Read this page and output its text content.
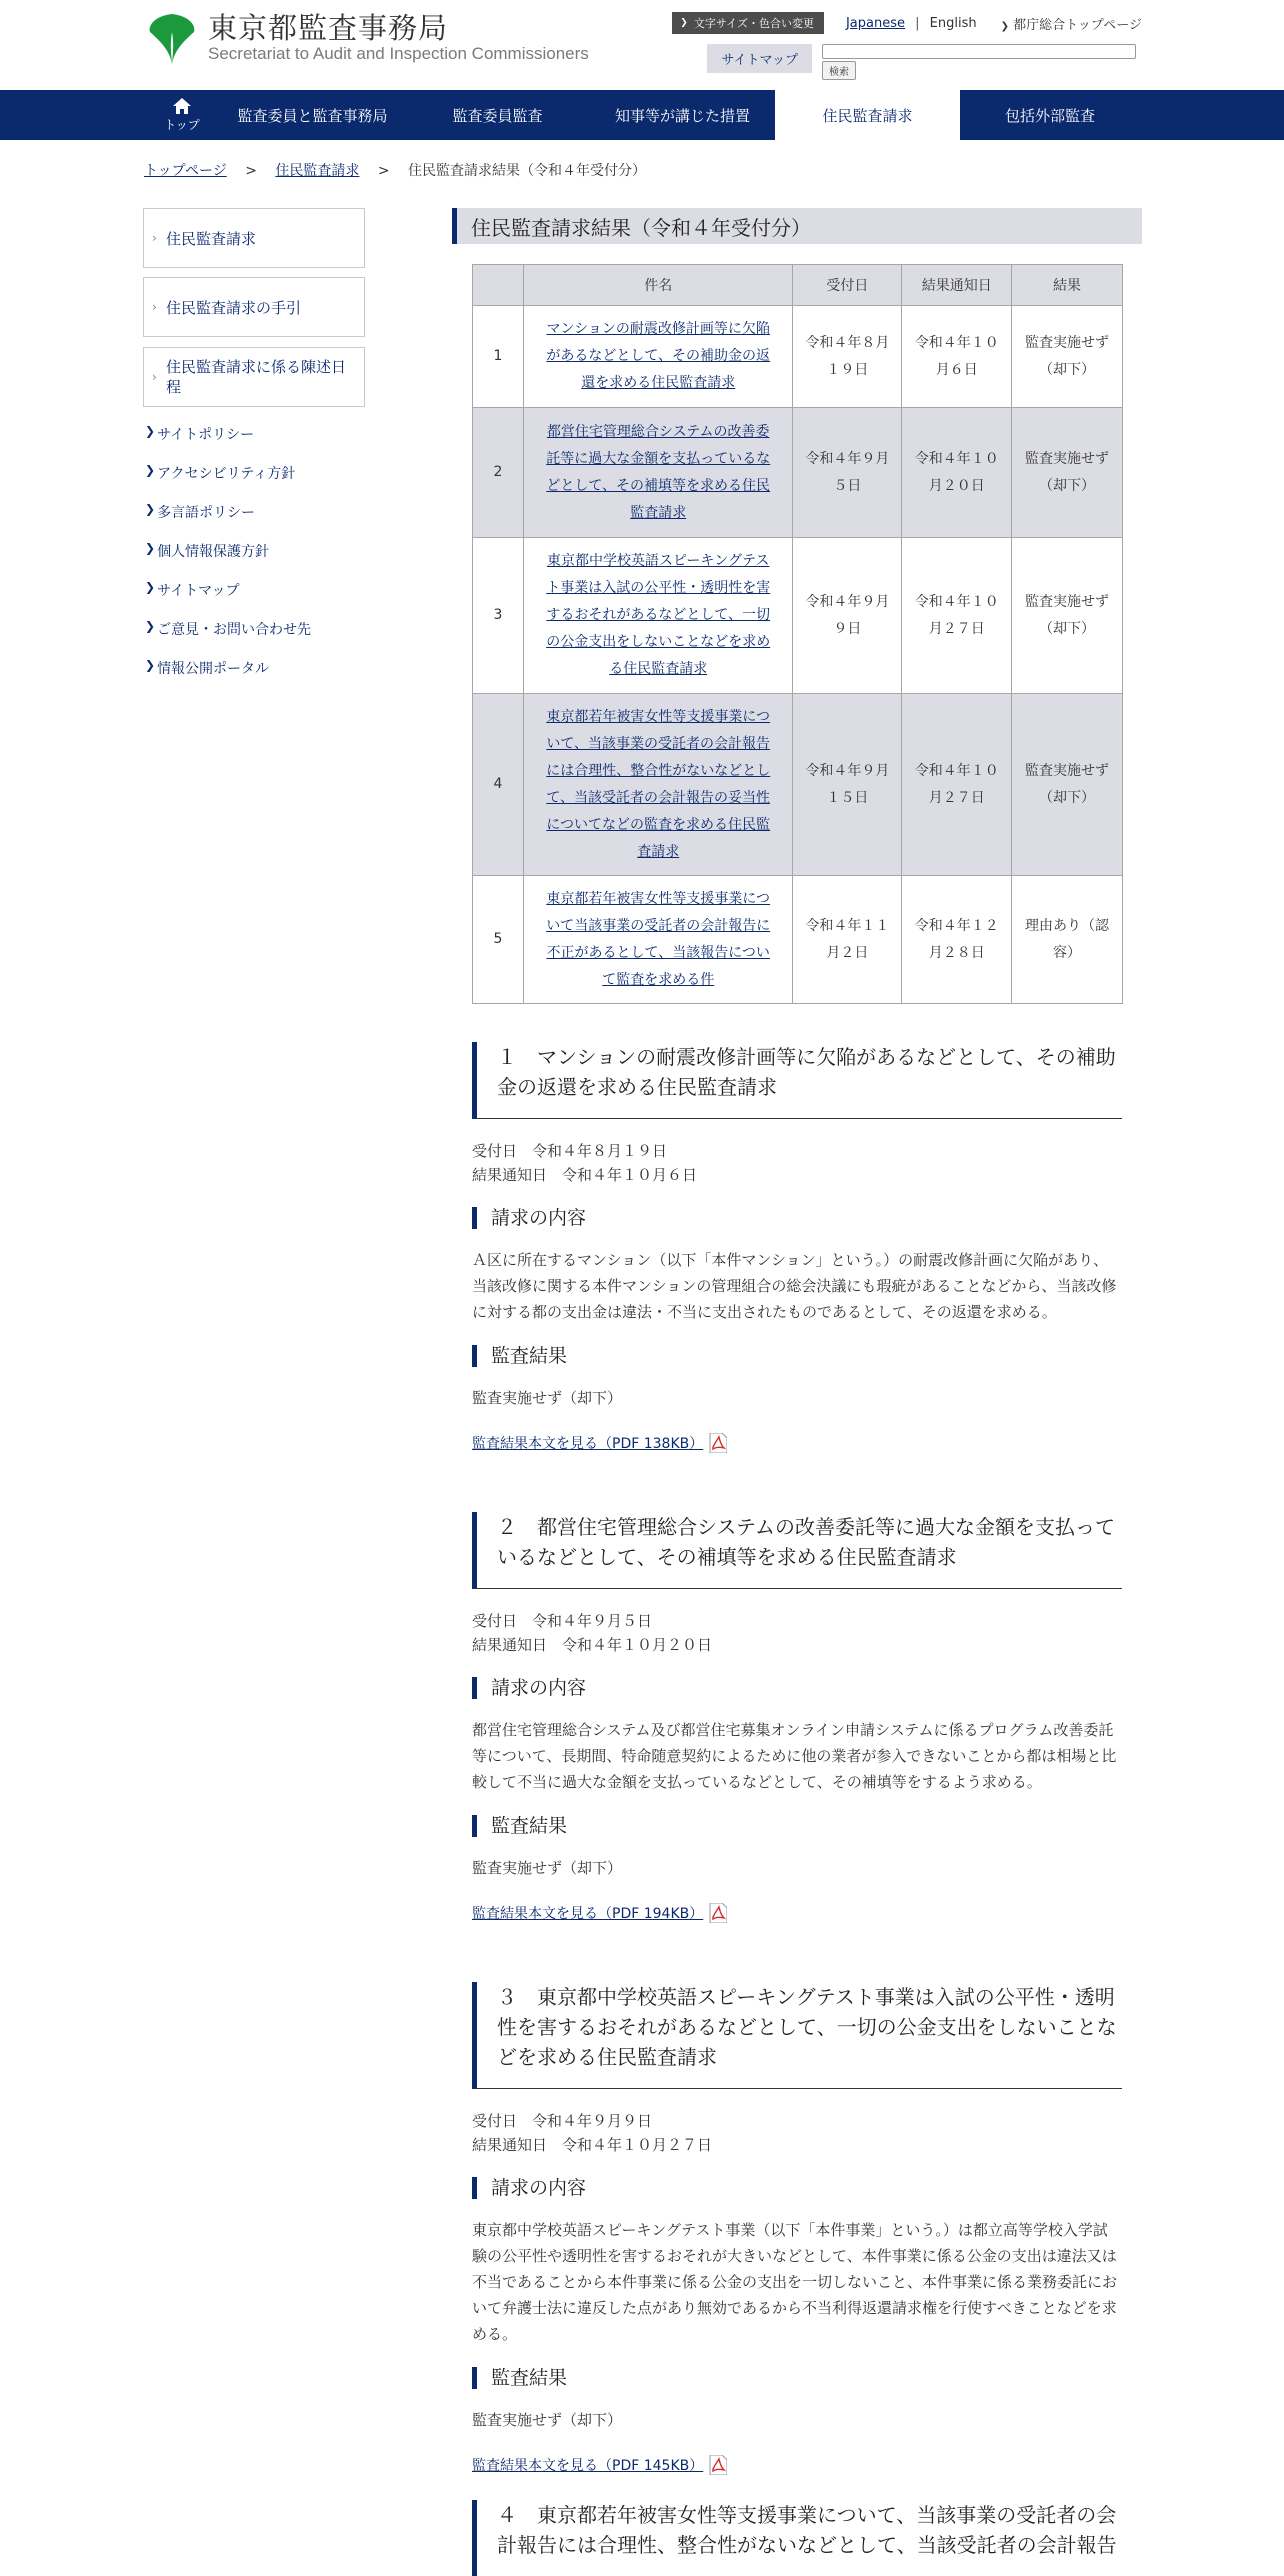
東京都監査事務局
Secretariat to Audit and Inspection Commissioners
❯ 文字サイズ・色合い変更 Japanese | English ❯ 都庁総合トップページ
サイトマップ
検索
トップ	監査委員と監査事務局	監査委員監査	知事等が講じた措置	住民監査請求	包括外部監査
トップページ > 住民監査請求 > 住民監査請求結果（令和４年受付分）
› 住民監査請求
› 住民監査請求の手引
›
住民監査請求に係る陳述日程
❯ サイトポリシー
❯ アクセシビリティ方針
❯ 多言語ポリシー
❯ 個人情報保護方針
❯ サイトマップ
❯ ご意見・お問い合わせ先
❯ 情報公開ポータル
住民監査請求結果（令和４年受付分）
	件名	受付日	結果通知日	結果
1	マンションの耐震改修計画等に欠陥があるなどとして、その補助金の返還を求める住民監査請求	令和４年８月１９日	令和４年１０月６日	監査実施せず（却下）
2	都営住宅管理総合システムの改善委託等に過大な金額を支払っているなどとして、その補填等を求める住民監査請求	令和４年９月５日	令和４年１０月２０日	監査実施せず（却下）
3	東京都中学校英語スピーキングテスト事業は入試の公平性・透明性を害するおそれがあるなどとして、一切の公金支出をしないことなどを求める住民監査請求	令和４年９月９日	令和４年１０月２７日	監査実施せず（却下）
4	東京都若年被害女性等支援事業について、当該事業の受託者の会計報告には合理性、整合性がないなどとして、当該受託者の会計報告の妥当性についてなどの監査を求める住民監査請求	令和４年９月１５日	令和４年１０月２７日	監査実施せず（却下）
5	東京都若年被害女性等支援事業について当該事業の受託者の会計報告に不正があるとして、当該報告について監査を求める件	令和４年１１月２日	令和４年１２月２８日	理由あり（認容）
１　マンションの耐震改修計画等に欠陥があるなどとして、その補助金の返還を求める住民監査請求
受付日　 令和４年８月１９日
結果通知日　 令和４年１０月６日
請求の内容
Ａ区に所在するマンション（以下「本件マンション」という。）の耐震改修計画に欠陥があり、当該改修に関する本件マンションの管理組合の総会決議にも瑕疵があることなどから、当該改修に対する都の支出金は違法・不当に支出されたものであるとして、その返還を求める。
監査結果
監査実施せず（却下）
監査結果本文を見る（PDF 138KB）
２　都営住宅管理総合システムの改善委託等に過大な金額を支払っているなどとして、その補填等を求める住民監査請求
受付日　 令和４年９月５日
結果通知日　 令和４年１０月２０日
請求の内容
都営住宅管理総合システム及び都営住宅募集オンライン申請システムに係るプログラム改善委託等について、長期間、特命随意契約によるために他の業者が参入できないことから都は相場と比較して不当に過大な金額を支払っているなどとして、その補填等をするよう求める。
監査結果
監査実施せず（却下）
監査結果本文を見る（PDF 194KB）
３　東京都中学校英語スピーキングテスト事業は入試の公平性・透明性を害するおそれがあるなどとして、一切の公金支出をしないことなどを求める住民監査請求
受付日　 令和４年９月９日
結果通知日　 令和４年１０月２７日
請求の内容
東京都中学校英語スピーキングテスト事業（以下「本件事業」という。）は都立高等学校入学試験の公平性や透明性を害するおそれが大きいなどとして、本件事業に係る公金の支出は違法又は不当であることから本件事業に係る公金の支出を一切しないこと、本件事業に係る業務委託において弁護士法に違反した点があり無効であるから不当利得返還請求権を行使すべきことなどを求める。
監査結果
監査実施せず（却下）
監査結果本文を見る（PDF 145KB）
４　東京都若年被害女性等支援事業について、当該事業の受託者の会計報告には合理性、整合性がないなどとして、当該受託者の会計報告
